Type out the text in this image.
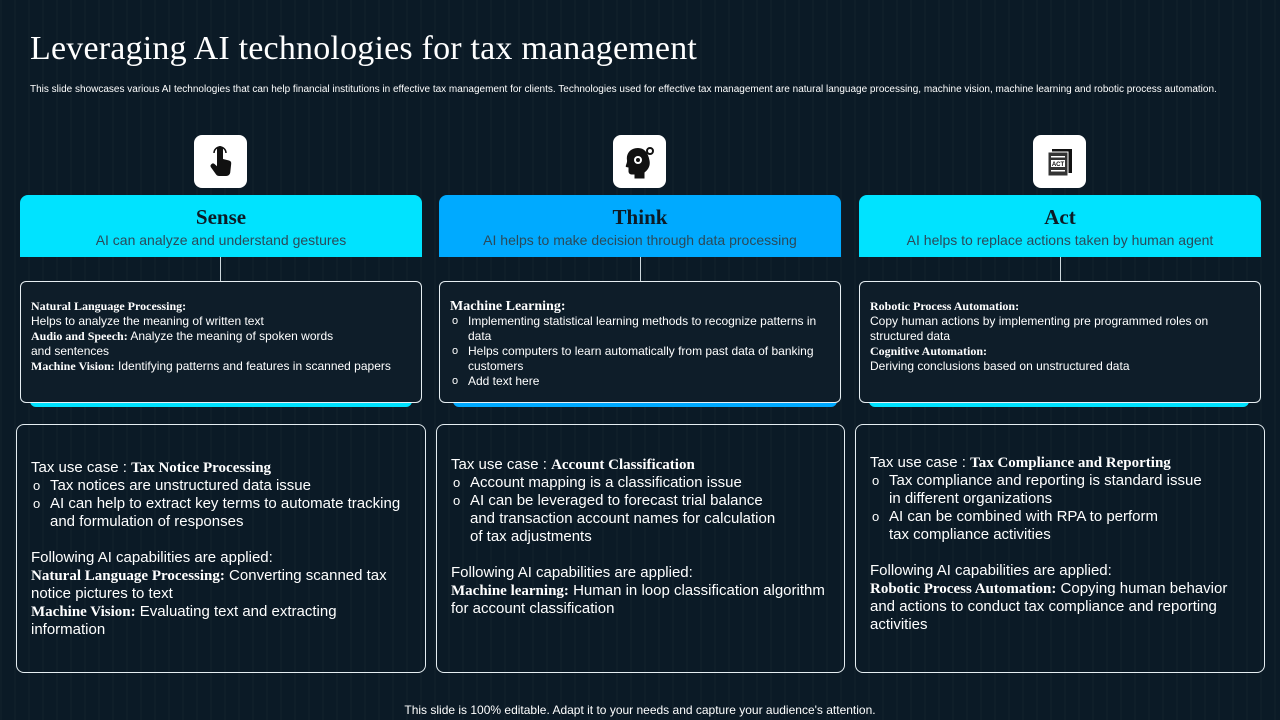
Leveraging AI technologies for tax management
This slide showcases various AI technologies that can help financial institutions in effective tax management for clients. Technologies used for effective tax management are natural language processing, machine vision, machine learning and robotic process automation.
ACT
Sense
AI can analyze and understand gestures
Think
AI helps to make decision through data processing
Act
AI helps to replace actions taken by human agent
Natural Language Processing:
Helps to analyze the meaning of written text
Audio and Speech: Analyze the meaning of spoken words
and sentences
Machine Vision: Identifying patterns and features in scanned papers
Machine Learning:
o Implementing statistical learning methods to recognize patterns in data
o Helps computers to learn automatically from past data of banking customers
o Add text here
Robotic Process Automation:
Copy human actions by implementing pre programmed roles on structured data
Cognitive Automation:
Deriving conclusions based on unstructured data
Tax use case : Tax Notice Processing
o Tax notices are unstructured data issue
o AI can help to extract key terms to automate tracking and formulation of responses
Following AI capabilities are applied:
Natural Language Processing: Converting scanned tax notice pictures to text
Machine Vision: Evaluating text and extracting information
Tax use case : Account Classification
o Account mapping is a classification issue
o AI can be leveraged to forecast trial balance and transaction account names for calculation of tax adjustments
Following AI capabilities are applied:
Machine learning: Human in loop classification algorithm for account classification
Tax use case : Tax Compliance and Reporting
o Tax compliance and reporting is standard issue in different organizations
o AI can be combined with RPA to perform tax compliance activities
Following AI capabilities are applied:
Robotic Process Automation: Copying human behavior and actions to conduct tax compliance and reporting activities
This slide is 100% editable. Adapt it to your needs and capture your audience's attention.
